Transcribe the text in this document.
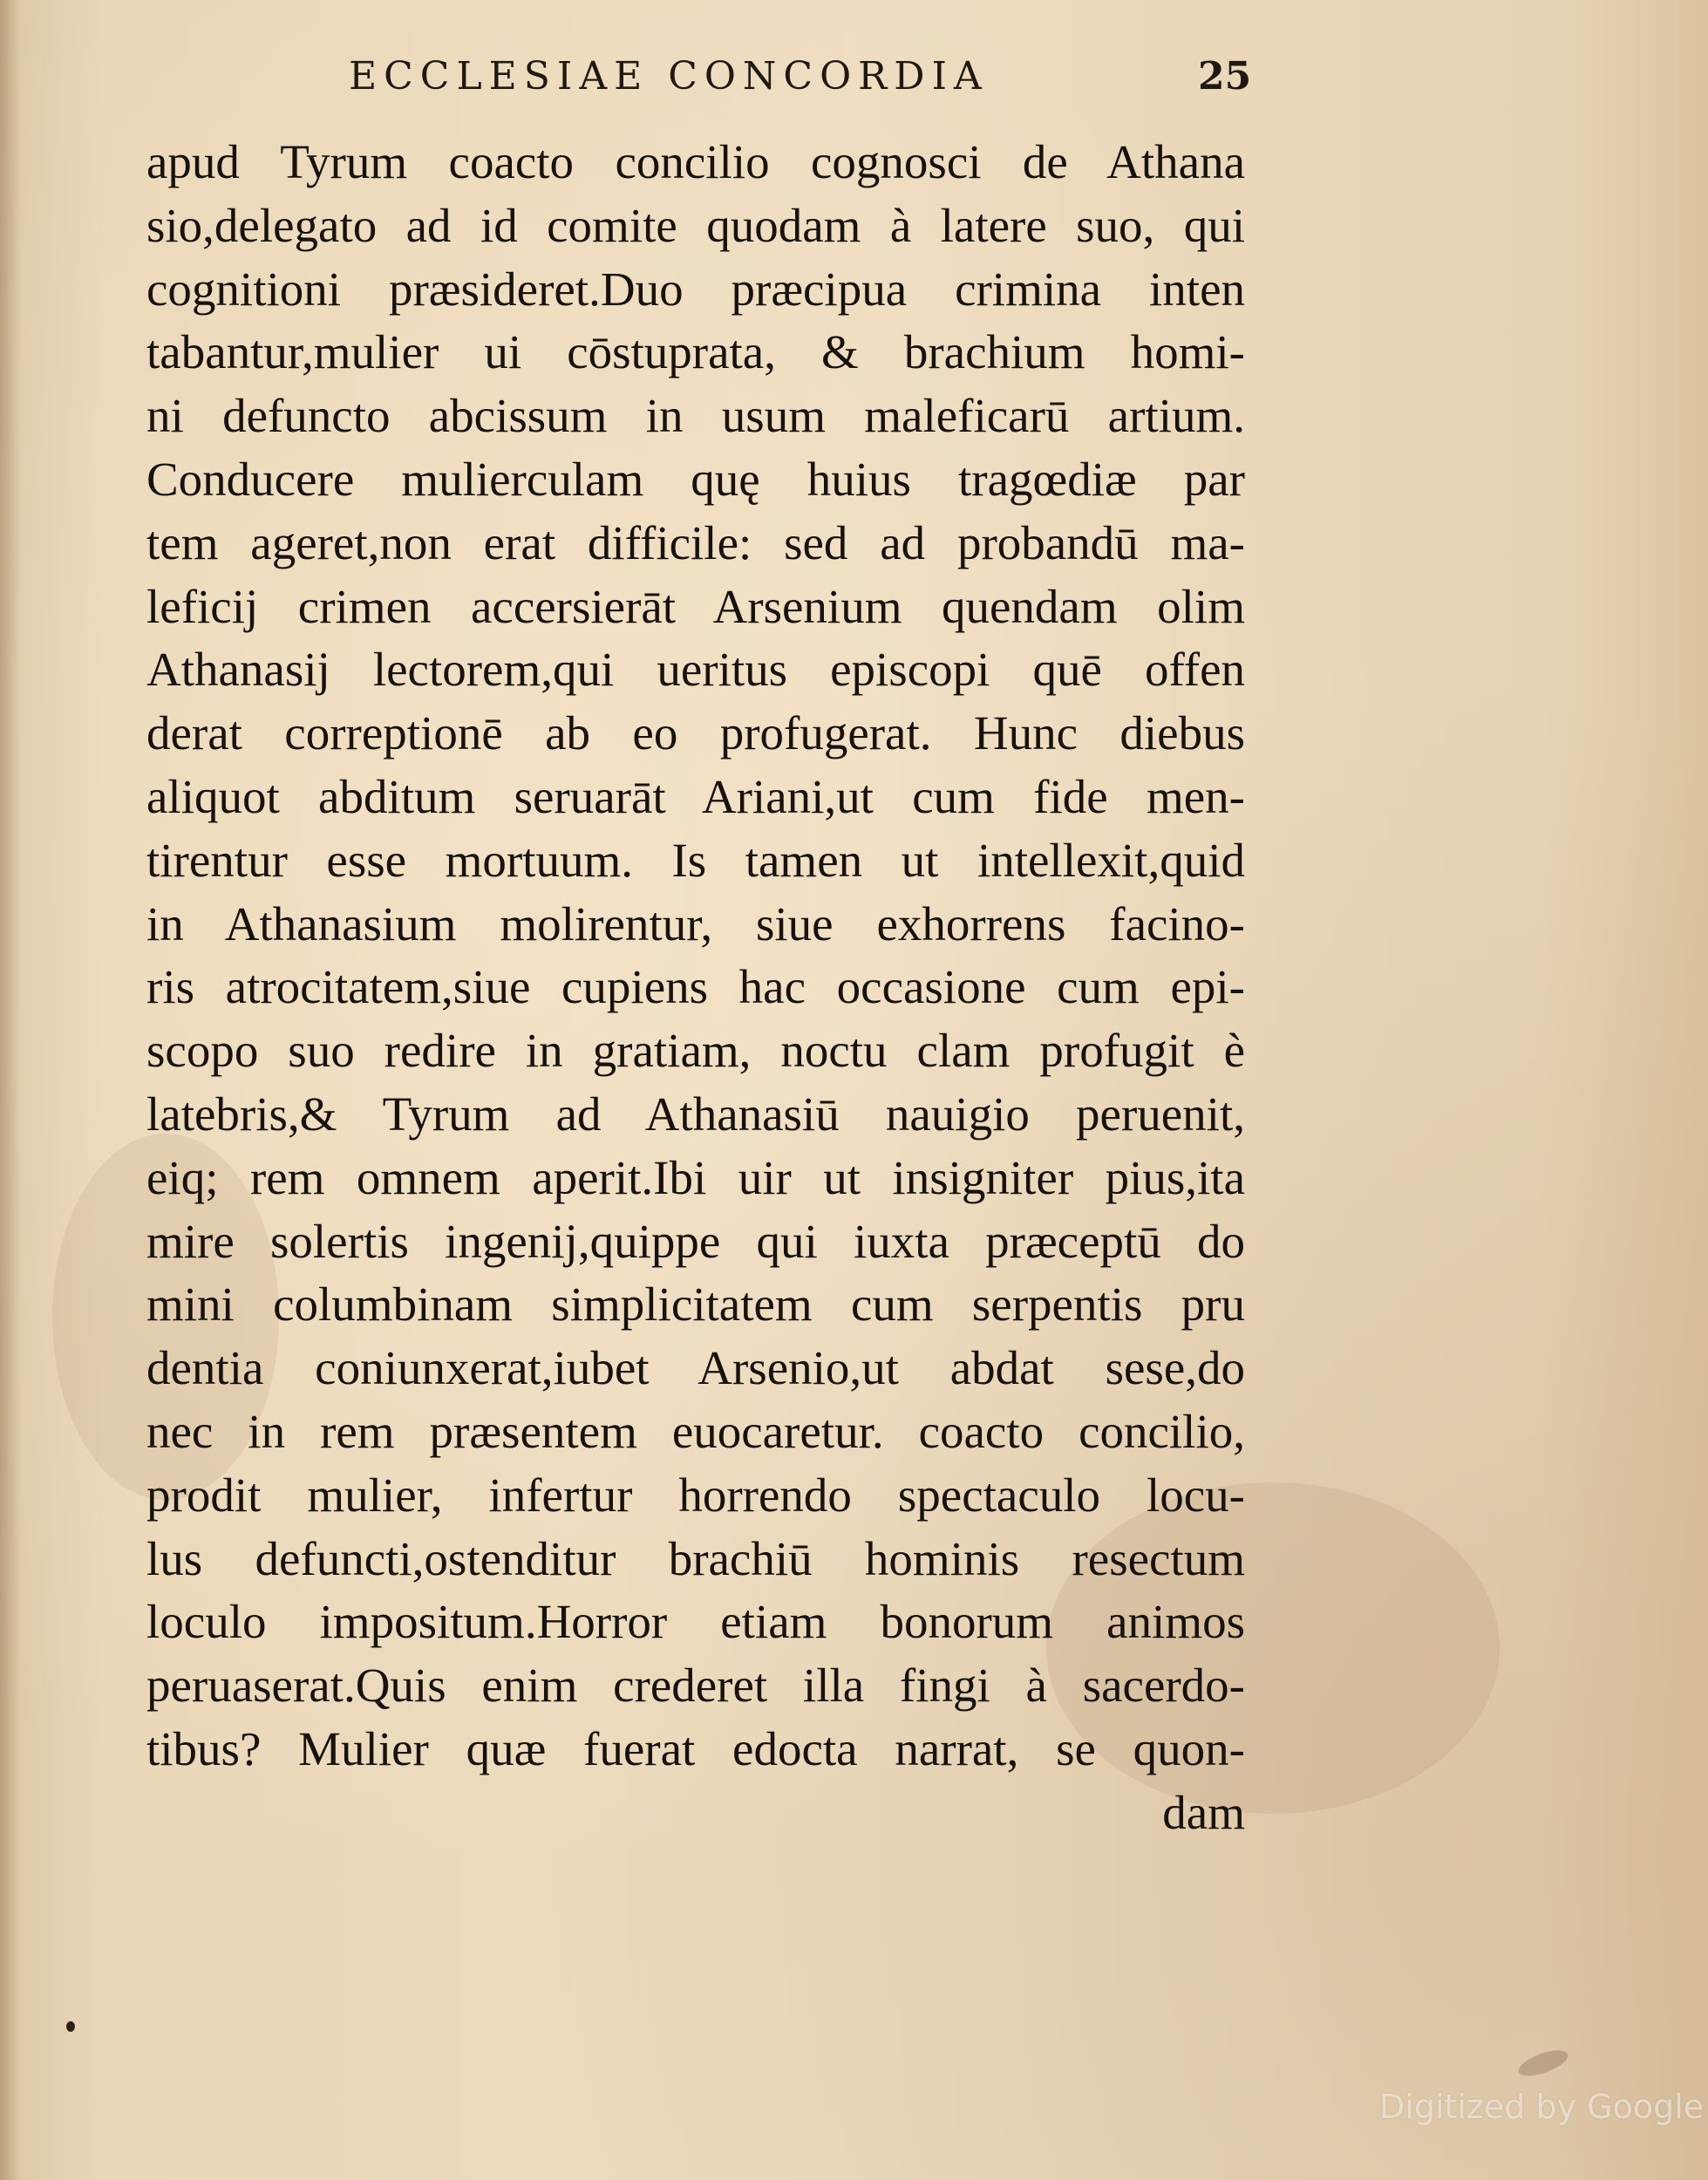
ECCLESIAE CONCORDIA	25
apud Tyrum coacto concilio cognosci de Athana
sio,delegato ad id comite quodam à latere suo, qui
cognitioni præsideret.Duo præcipua crimina inten
tabantur,mulier ui cōstuprata, & brachium homi-
ni defuncto abcissum in usum maleficarū artium.
Conducere mulierculam quę huius tragœdiæ par
tem ageret,non erat difficile: sed ad probandū ma-
leficij crimen accersierāt Arsenium quendam olim
Athanasij lectorem,qui ueritus episcopi quē offen
derat correptionē ab eo profugerat. Hunc diebus
aliquot abditum seruarāt Ariani,ut cum fide men-
tirentur esse mortuum. Is tamen ut intellexit,quid
in Athanasium molirentur, siue exhorrens facino-
ris atrocitatem,siue cupiens hac occasione cum epi-
scopo suo redire in gratiam, noctu clam profugit è
latebris,& Tyrum ad Athanasiū nauigio peruenit,
eiq; rem omnem aperit.Ibi uir ut insigniter pius,ita
mire solertis ingenij,quippe qui iuxta præceptū do
mini columbinam simplicitatem cum serpentis pru
dentia coniunxerat,iubet Arsenio,ut abdat sese,do
nec in rem præsentem euocaretur. coacto concilio,
prodit mulier, infertur horrendo spectaculo locu-
lus defuncti,ostenditur brachiū hominis resectum
loculo impositum.Horror etiam bonorum animos
peruaserat.Quis enim crederet illa fingi à sacerdo-
tibus? Mulier quæ fuerat edocta narrat, se quon-
dam
Digitized by Google
